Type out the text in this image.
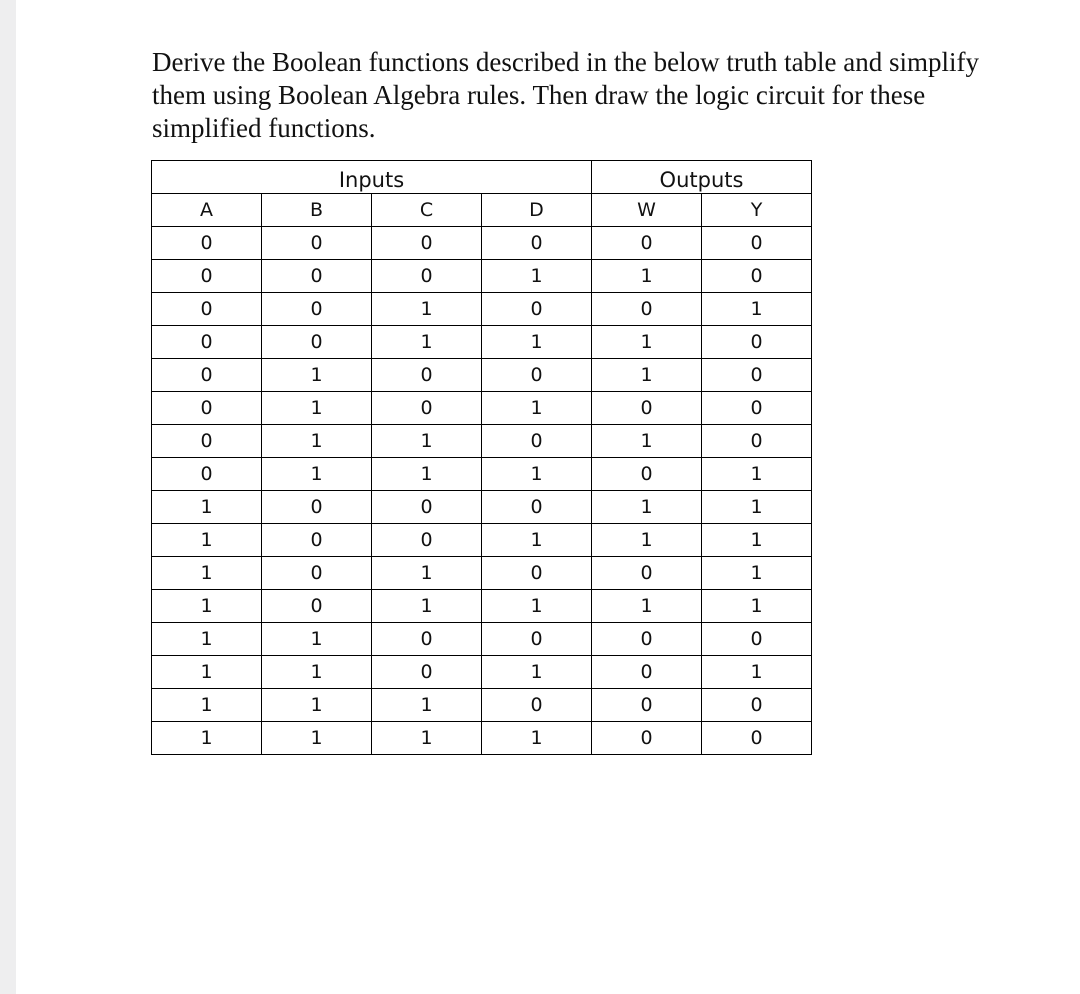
Derive the Boolean functions described in the below truth table and simplify them using Boolean Algebra rules. Then draw the logic circuit for these simplified functions.

Inputs				Outputs	
A	B	C	D	W	Y
0	0	0	0	0	0
0	0	0	1	1	0
0	0	1	0	0	1
0	0	1	1	1	0
0	1	0	0	1	0
0	1	0	1	0	0
0	1	1	0	1	0
0	1	1	1	0	1
1	0	0	0	1	1
1	0	0	1	1	1
1	0	1	0	0	1
1	0	1	1	1	1
1	1	0	0	0	0
1	1	0	1	0	1
1	1	1	0	0	0
1	1	1	1	0	0
